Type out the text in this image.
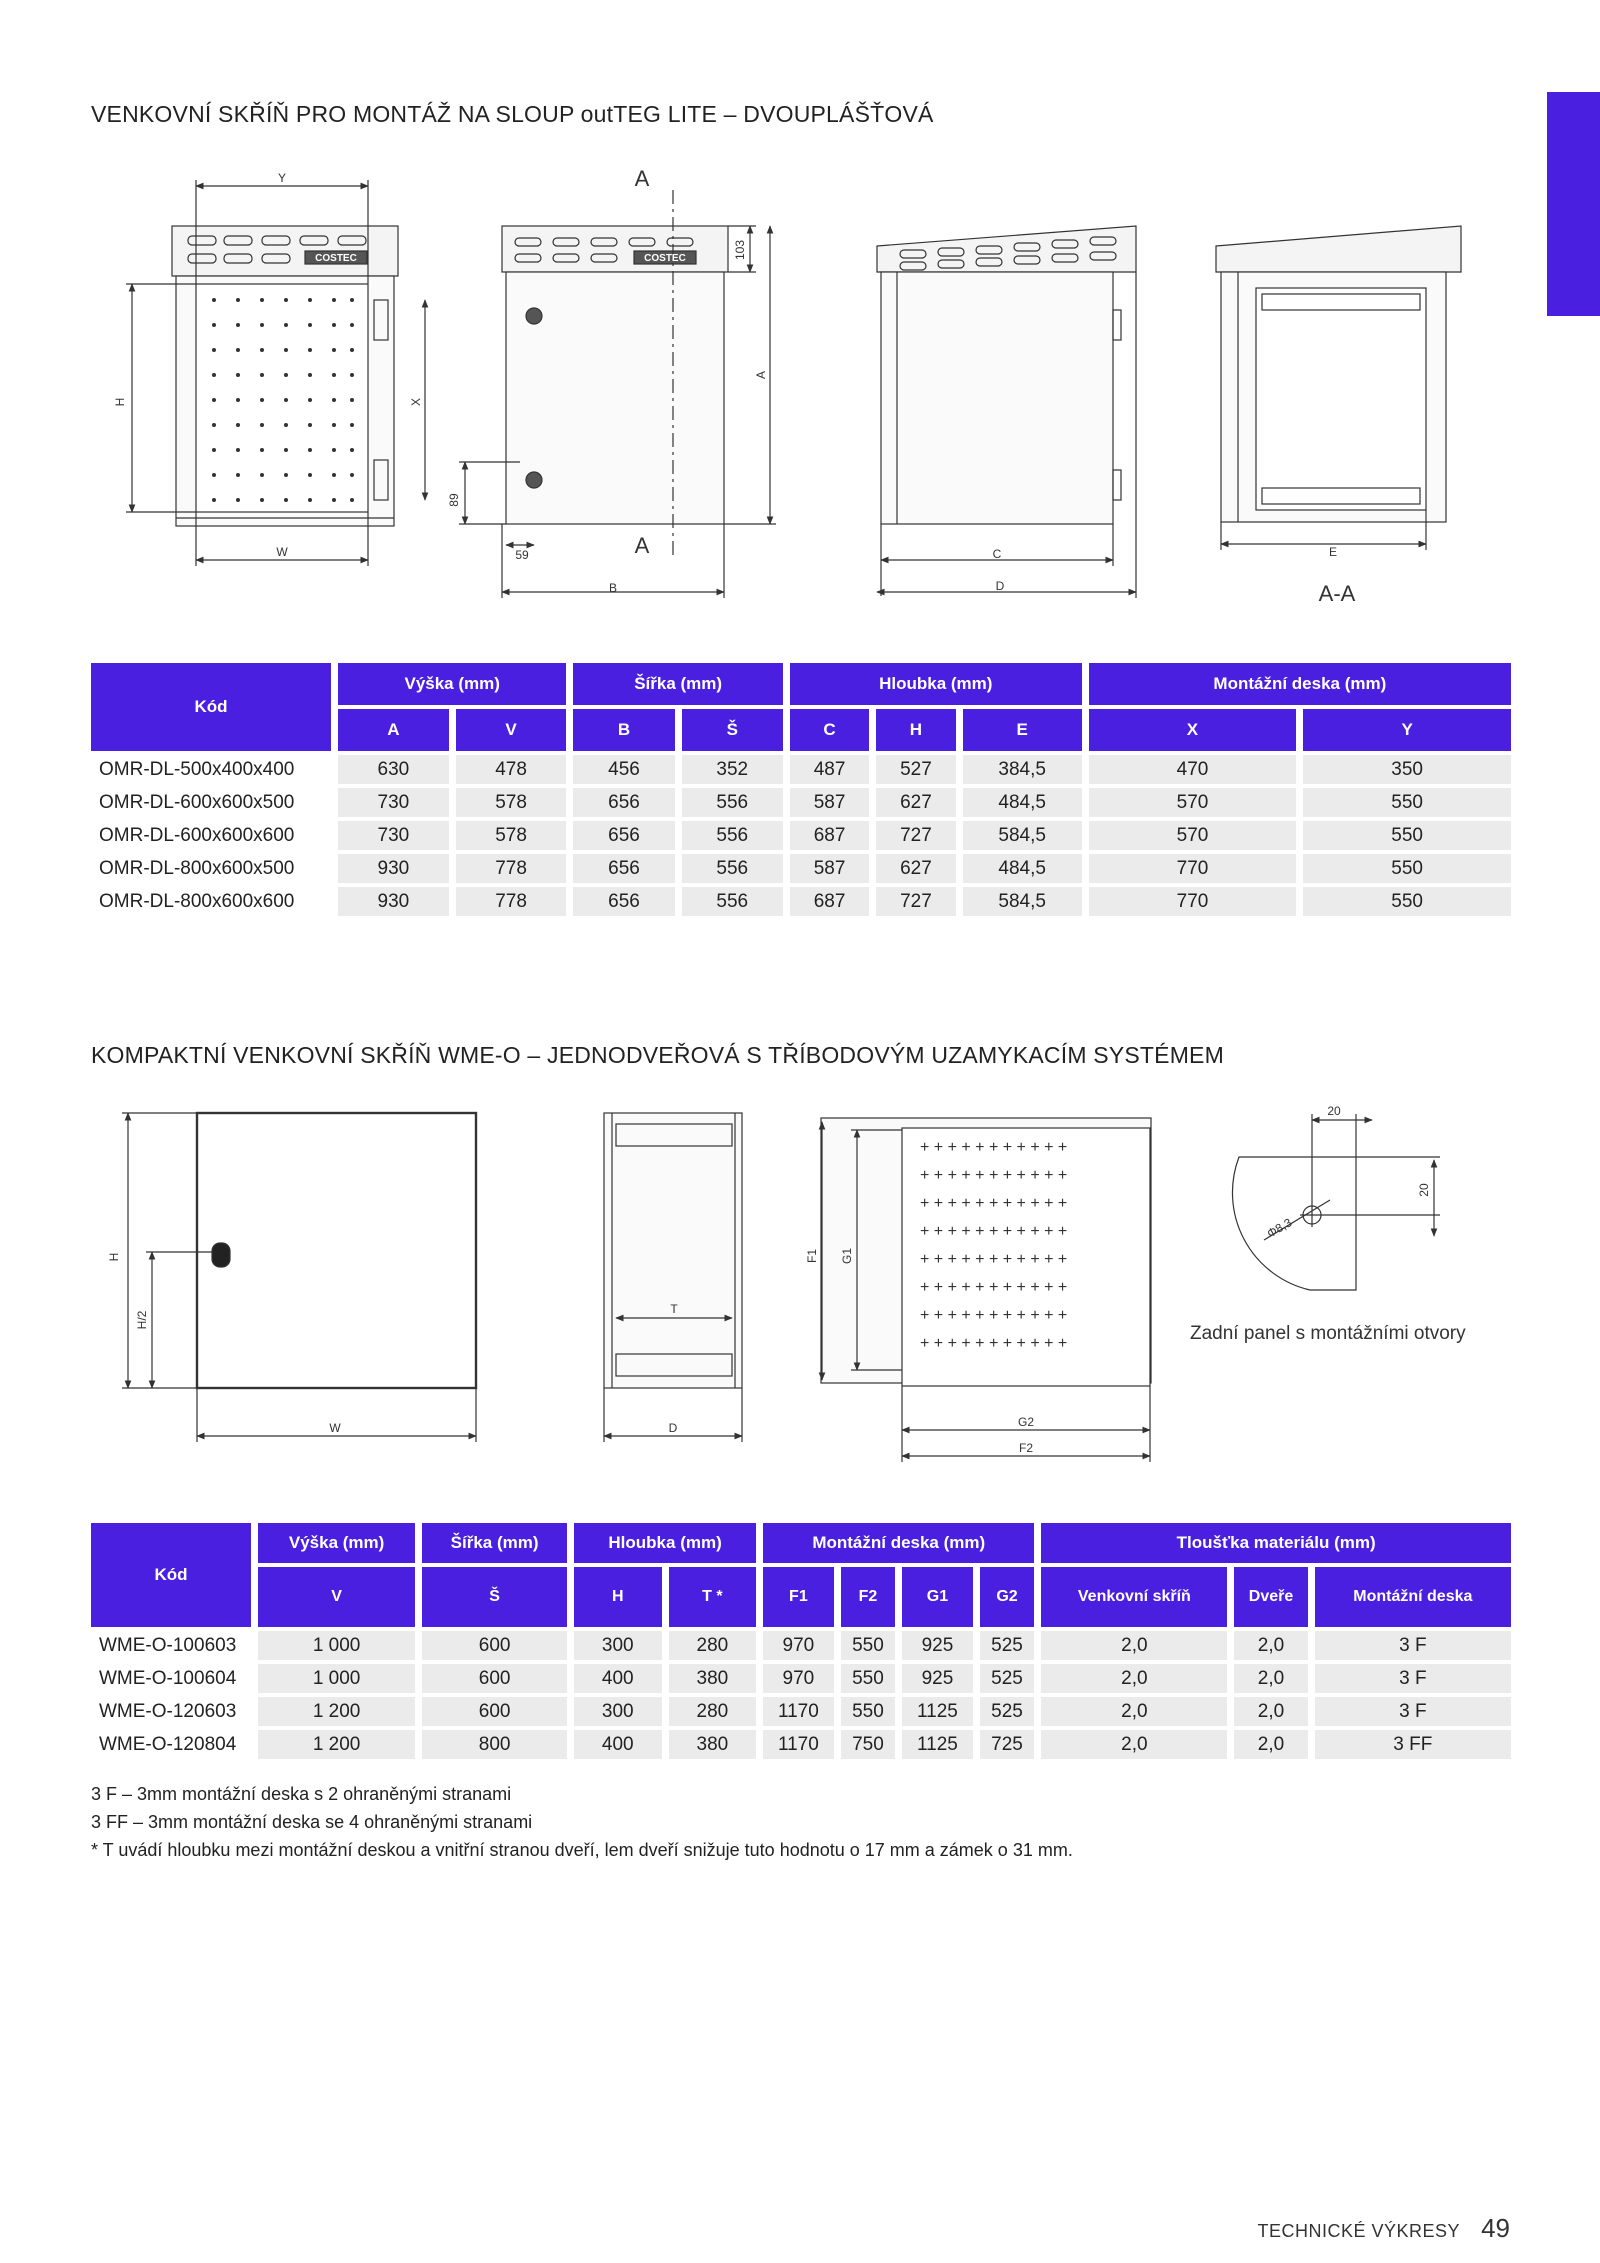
VENKOVNÍ SKŘÍŇ PRO MONTÁŽ NA SLOUP outTEG LITE – DVOUPLÁŠŤOVÁ
COSTEC	COSTEC
Y
H	X
W
103
A
89
59
B
C
D
E
A
A
A-A
Kód	Výška (mm)		Šířka (mm)		Hloubka (mm)			Montážní deska (mm)	
	A	V	B	Š	C	H	E	X	Y
OMR-DL-500x400x400	630	478	456	352	487	527	384,5	470	350
OMR-DL-600x600x500	730	578	656	556	587	627	484,5	570	550
OMR-DL-600x600x600	730	578	656	556	687	727	584,5	570	550
OMR-DL-800x600x500	930	778	656	556	587	627	484,5	770	550
OMR-DL-800x600x600	930	778	656	556	687	727	584,5	770	550
KOMPAKTNÍ VENKOVNÍ SKŘÍŇ WME-O – JEDNODVEŘOVÁ S TŘÍBODOVÝM UZAMYKACÍM SYSTÉMEM
+ + + + + + + + + + +
+ + + + + + + + + + +
+ + + + + + + + + + +
+ + + + + + + + + + +
+ + + + + + + + + + +
+ + + + + + + + + + +
+ + + + + + + + + + +
+ + + + + + + + + + +
H
H/2
W
T
D
F1 G1
G2
F2
20
20
Φ8,3
Zadní panel s montážními otvory
Kód	Výška (mm)	Šířka (mm)	Hloubka (mm)		Montážní deska (mm)				Tloušťka materiálu (mm)		
	V	Š	H	T *	F1	F2	G1	G2	Venkovní skříň	Dveře	Montážní deska
WME-O-100603	1 000	600	300	280	970	550	925	525	2,0	2,0	3 F
WME-O-100604	1 000	600	400	380	970	550	925	525	2,0	2,0	3 F
WME-O-120603	1 200	600	300	280	1170	550	1125	525	2,0	2,0	3 F
WME-O-120804	1 200	800	400	380	1170	750	1125	725	2,0	2,0	3 FF
3 F – 3mm montážní deska s 2 ohraněnými stranami
3 FF – 3mm montážní deska se 4 ohraněnými stranami
* T uvádí hloubku mezi montážní deskou a vnitřní stranou dveří, lem dveří snižuje tuto hodnotu o 17 mm a zámek o 31 mm.
TECHNICKÉ VÝKRESY 49
